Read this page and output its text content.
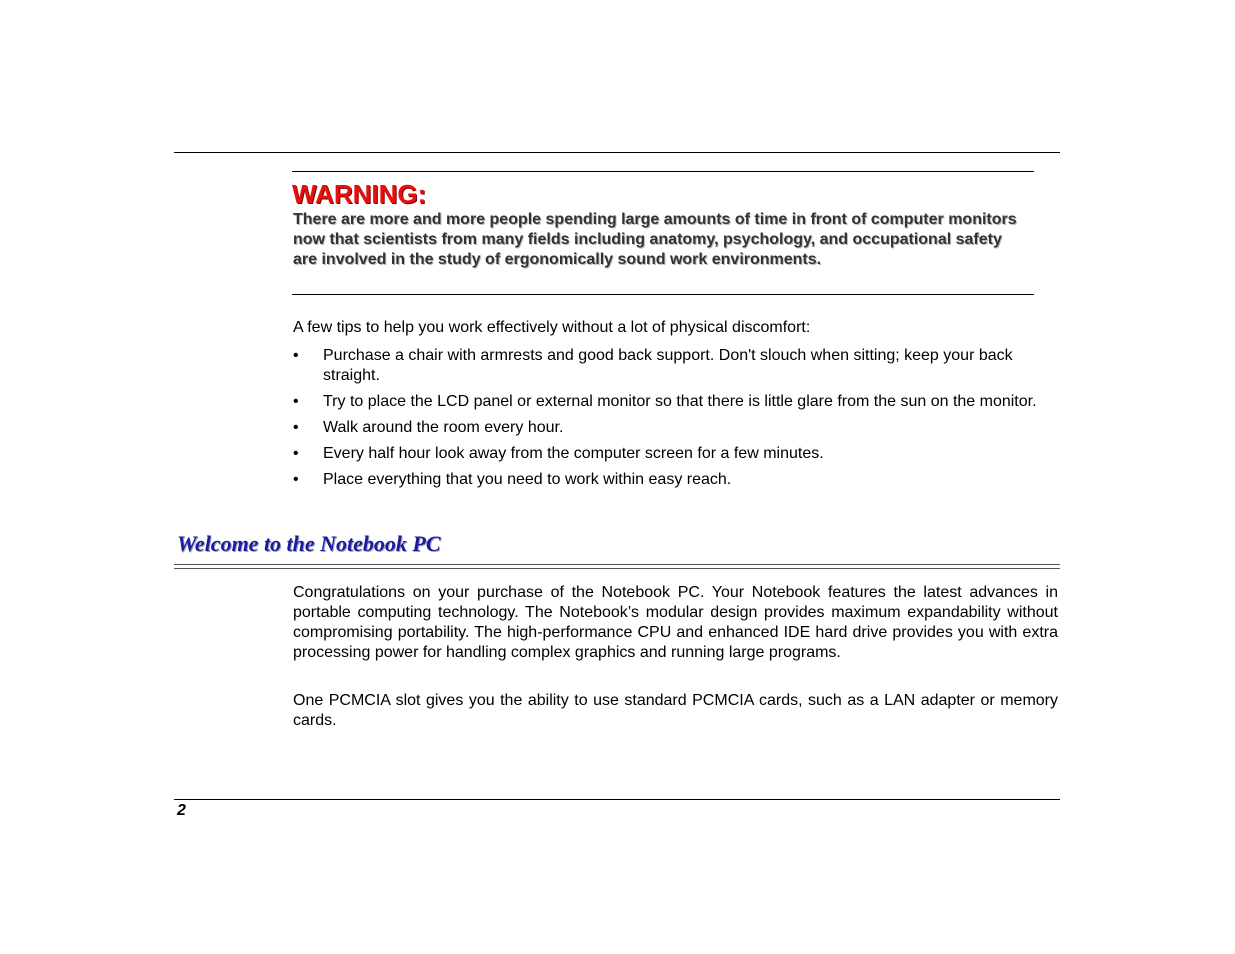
WARNING:

There are more and more people spending large amounts of time in front of computer monitors now that scientists from many fields including anatomy, psychology, and occupational safety are involved in the study of ergonomically sound work environments.

A few tips to help you work effectively without a lot of physical discomfort:

• Purchase a chair with armrests and good back support. Don't slouch when sitting; keep your back straight.
• Try to place the LCD panel or external monitor so that there is little glare from the sun on the monitor.
• Walk around the room every hour.
• Every half hour look away from the computer screen for a few minutes.
• Place everything that you need to work within easy reach.
Welcome to the Notebook PC

Congratulations on your purchase of the Notebook PC. Your Notebook features the latest advances in portable computing technology. The Notebook’s modular design provides maximum expandability without compromising portability. The high-performance CPU and enhanced IDE hard drive provides you with extra processing power for handling complex graphics and running large programs.

One PCMCIA slot gives you the ability to use standard PCMCIA cards, such as a LAN adapter or memory cards.

2
